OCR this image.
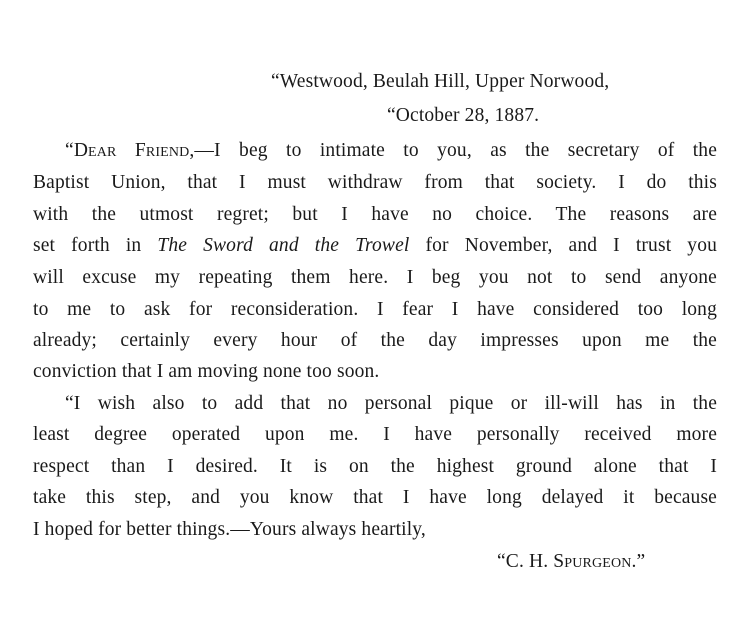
“Westwood, Beulah Hill, Upper Norwood,
“October 28, 1887.
“Dear Friend,—I beg to intimate to you, as the secretary of the
Baptist Union, that I must withdraw from that society. I do this
with the utmost regret; but I have no choice. The reasons are
set forth in The Sword and the Trowel for November, and I trust you
will excuse my repeating them here. I beg you not to send anyone
to me to ask for reconsideration. I fear I have considered too long
already; certainly every hour of the day impresses upon me the
conviction that I am moving none too soon.
“I wish also to add that no personal pique or ill-will has in the
least degree operated upon me. I have personally received more
respect than I desired. It is on the highest ground alone that I
take this step, and you know that I have long delayed it because
I hoped for better things.—Yours always heartily,
“C. H. Spurgeon.”
